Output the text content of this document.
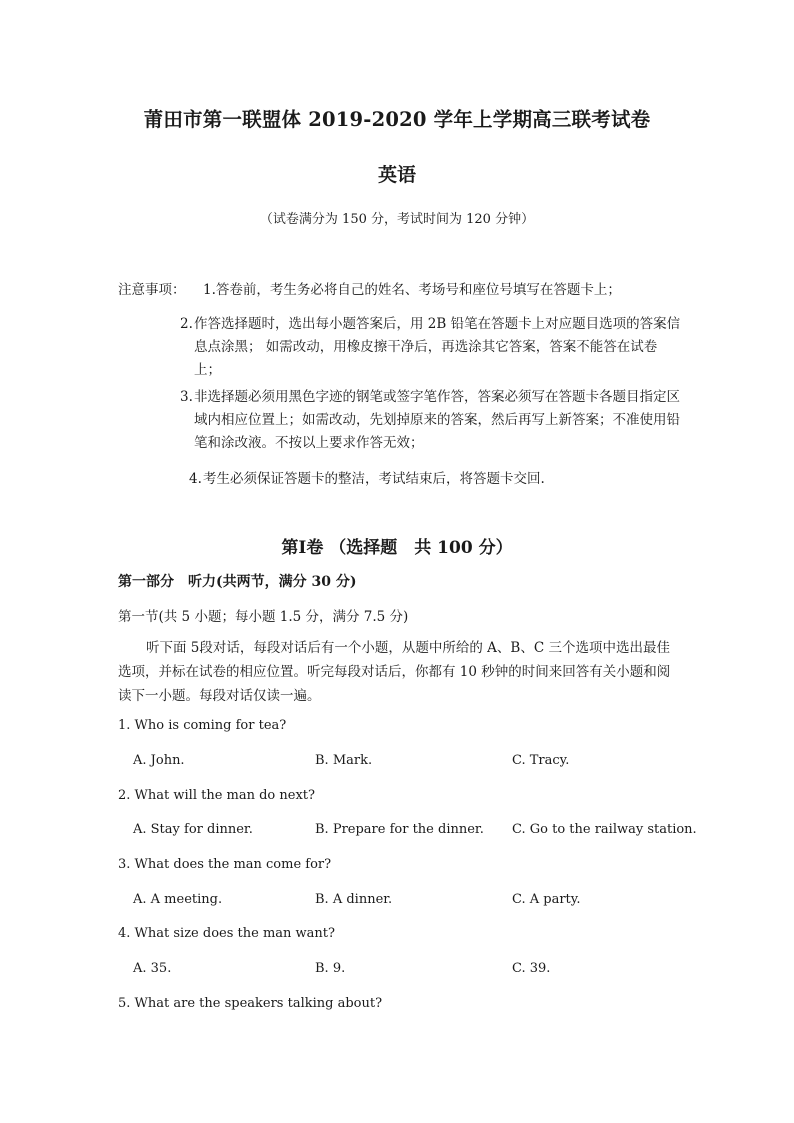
莆田市第一联盟体 2019-2020 学年上学期高三联考试卷
英语
（试卷满分为 150 分，考试时间为 120 分钟）
注意事项： 1.答卷前，考生务必将自己的姓名、考场号和座位号填写在答题卡上；
2. 作答选择题时，选出每小题答案后，用 2B 铅笔在答题卡上对应题目选项的答案信息点涂黑； 如需改动，用橡皮擦干净后，再选涂其它答案，答案不能答在试卷上；
3. 非选择题必须用黑色字迹的钢笔或签字笔作答，答案必须写在答题卡各题目指定区域内相应位置上；如需改动，先划掉原来的答案，然后再写上新答案；不准使用铅笔和涂改液。不按以上要求作答无效；
4. 考生必须保证答题卡的整洁，考试结束后，将答题卡交回.
第Ⅰ卷 （选择题　共 100 分）
第一部分　听力(共两节，满分 30 分)
第一节(共 5 小题；每小题 1.5 分，满分 7.5 分)
听下面 5段对话，每段对话后有一个小题，从题中所给的 A、B、C 三个选项中选出最佳选项，并标在试卷的相应位置。听完每段对话后，你都有 10 秒钟的时间来回答有关小题和阅读下一小题。每段对话仅读一遍。
1. Who is coming for tea?
A. John.	B. Mark.	C. Tracy.
2. What will the man do next?
A. Stay for dinner.	B. Prepare for the dinner. C. Go to the railway station.
3. What does the man come for?
A. A meeting.	B. A dinner.	C. A party.
4. What size does the man want?
A. 35.	B. 9.	C. 39.
5. What are the speakers talking about?
